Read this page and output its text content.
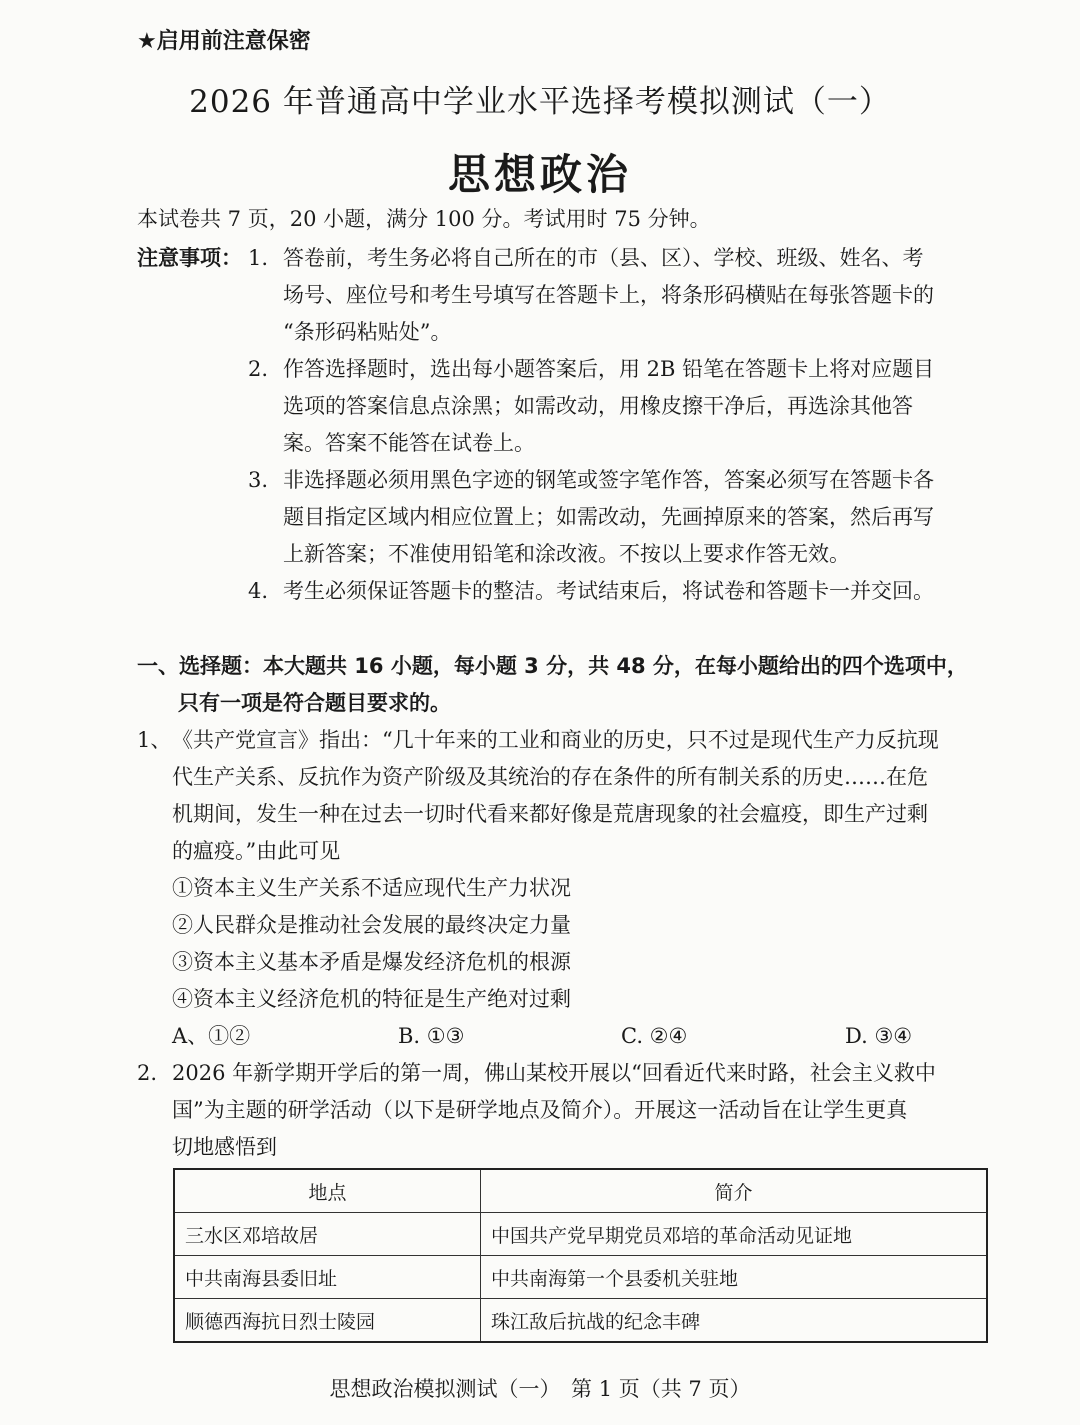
★启用前注意保密
2026 年普通高中学业水平选择考模拟测试（一）
思想政治
本试卷共 7 页，20 小题，满分 100 分。考试用时 75 分钟。
注意事项： 1. 答卷前，考生务必将自己所在的市（县、区）、学校、班级、姓名、考
场号、座位号和考生号填写在答题卡上，将条形码横贴在每张答题卡的
“条形码粘贴处”。
2. 作答选择题时，选出每小题答案后，用 2B 铅笔在答题卡上将对应题目
选项的答案信息点涂黑；如需改动，用橡皮擦干净后，再选涂其他答
案。答案不能答在试卷上。
3. 非选择题必须用黑色字迹的钢笔或签字笔作答，答案必须写在答题卡各
题目指定区域内相应位置上；如需改动，先画掉原来的答案，然后再写
上新答案；不准使用铅笔和涂改液。不按以上要求作答无效。
4. 考生必须保证答题卡的整洁。考试结束后，将试卷和答题卡一并交回。
一、选择题：本大题共 16 小题，每小题 3 分，共 48 分，在每小题给出的四个选项中，
只有一项是符合题目要求的。
1、 《共产党宣言》指出：“几十年来的工业和商业的历史，只不过是现代生产力反抗现
代生产关系、反抗作为资产阶级及其统治的存在条件的所有制关系的历史……在危
机期间，发生一种在过去一切时代看来都好像是荒唐现象的社会瘟疫，即生产过剩
的瘟疫。”由此可见
①资本主义生产关系不适应现代生产力状况
②人民群众是推动社会发展的最终决定力量
③资本主义基本矛盾是爆发经济危机的根源
④资本主义经济危机的特征是生产绝对过剩
A、①②	B. ①③	C. ②④	D. ③④
2. 2026 年新学期开学后的第一周，佛山某校开展以“回看近代来时路，社会主义救中
国”为主题的研学活动（以下是研学地点及简介）。开展这一活动旨在让学生更真
切地感悟到
地点	简介
三水区邓培故居	中国共产党早期党员邓培的革命活动见证地
中共南海县委旧址	中共南海第一个县委机关驻地
顺德西海抗日烈士陵园	珠江敌后抗战的纪念丰碑
思想政治模拟测试（一）　第 1 页（共 7 页）
